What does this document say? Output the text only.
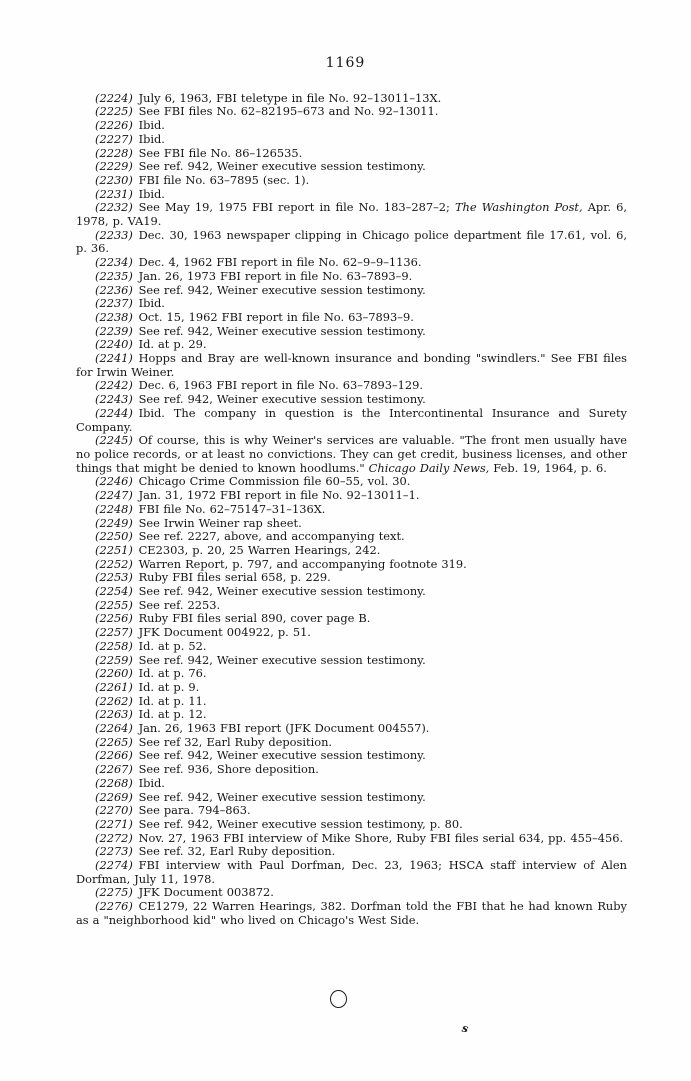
1169

(2224) July 6, 1963, FBI teletype in file No. 92–13011–13X.

(2225) See FBI files No. 62–82195–673 and No. 92–13011.

(2226) Ibid.

(2227) Ibid.

(2228) See FBI file No. 86–126535.

(2229) See ref. 942, Weiner executive session testimony.

(2230) FBI file No. 63–7895 (sec. 1).

(2231) Ibid.

(2232) See May 19, 1975 FBI report in file No. 183–287–2; The Washington Post, Apr. 6, 1978, p. VA19.

(2233) Dec. 30, 1963 newspaper clipping in Chicago police department file 17.61, vol. 6, p. 36.

(2234) Dec. 4, 1962 FBI report in file No. 62–9–9–1136.

(2235) Jan. 26, 1973 FBI report in file No. 63–7893–9.

(2236) See ref. 942, Weiner executive session testimony.

(2237) Ibid.

(2238) Oct. 15, 1962 FBI report in file No. 63–7893–9.

(2239) See ref. 942, Weiner executive session testimony.

(2240) Id. at p. 29.

(2241) Hopps and Bray are well-known insurance and bonding "swindlers." See FBI files for Irwin Weiner.

(2242) Dec. 6, 1963 FBI report in file No. 63–7893–129.

(2243) See ref. 942, Weiner executive session testimony.

(2244) Ibid. The company in question is the Intercontinental Insurance and Surety Company.

(2245) Of course, this is why Weiner's services are valuable. "The front men usually have no police records, or at least no convictions. They can get credit, business licenses, and other things that might be denied to known hoodlums." Chicago Daily News, Feb. 19, 1964, p. 6.

(2246) Chicago Crime Commission file 60–55, vol. 30.

(2247) Jan. 31, 1972 FBI report in file No. 92–13011–1.

(2248) FBI file No. 62–75147–31–136X.

(2249) See Irwin Weiner rap sheet.

(2250) See ref. 2227, above, and accompanying text.

(2251) CE2303, p. 20, 25 Warren Hearings, 242.

(2252) Warren Report, p. 797, and accompanying footnote 319.

(2253) Ruby FBI files serial 658, p. 229.

(2254) See ref. 942, Weiner executive session testimony.

(2255) See ref. 2253.

(2256) Ruby FBI files serial 890, cover page B.

(2257) JFK Document 004922, p. 51.

(2258) Id. at p. 52.

(2259) See ref. 942, Weiner executive session testimony.

(2260) Id. at p. 76.

(2261) Id. at p. 9.

(2262) Id. at p. 11.

(2263) Id. at p. 12.

(2264) Jan. 26, 1963 FBI report (JFK Document 004557).

(2265) See ref 32, Earl Ruby deposition.

(2266) See ref. 942, Weiner executive session testimony.

(2267) See ref. 936, Shore deposition.

(2268) Ibid.

(2269) See ref. 942, Weiner executive session testimony.

(2270) See para. 794–863.

(2271) See ref. 942, Weiner executive session testimony, p. 80.

(2272) Nov. 27, 1963 FBI interview of Mike Shore, Ruby FBI files serial 634, pp. 455–456.

(2273) See ref. 32, Earl Ruby deposition.

(2274) FBI interview with Paul Dorfman, Dec. 23, 1963; HSCA staff interview of Alen Dorfman, July 11, 1978.

(2275) JFK Document 003872.

(2276) CE1279, 22 Warren Hearings, 382. Dorfman told the FBI that he had known Ruby as a "neighborhood kid" who lived on Chicago's West Side.

s
